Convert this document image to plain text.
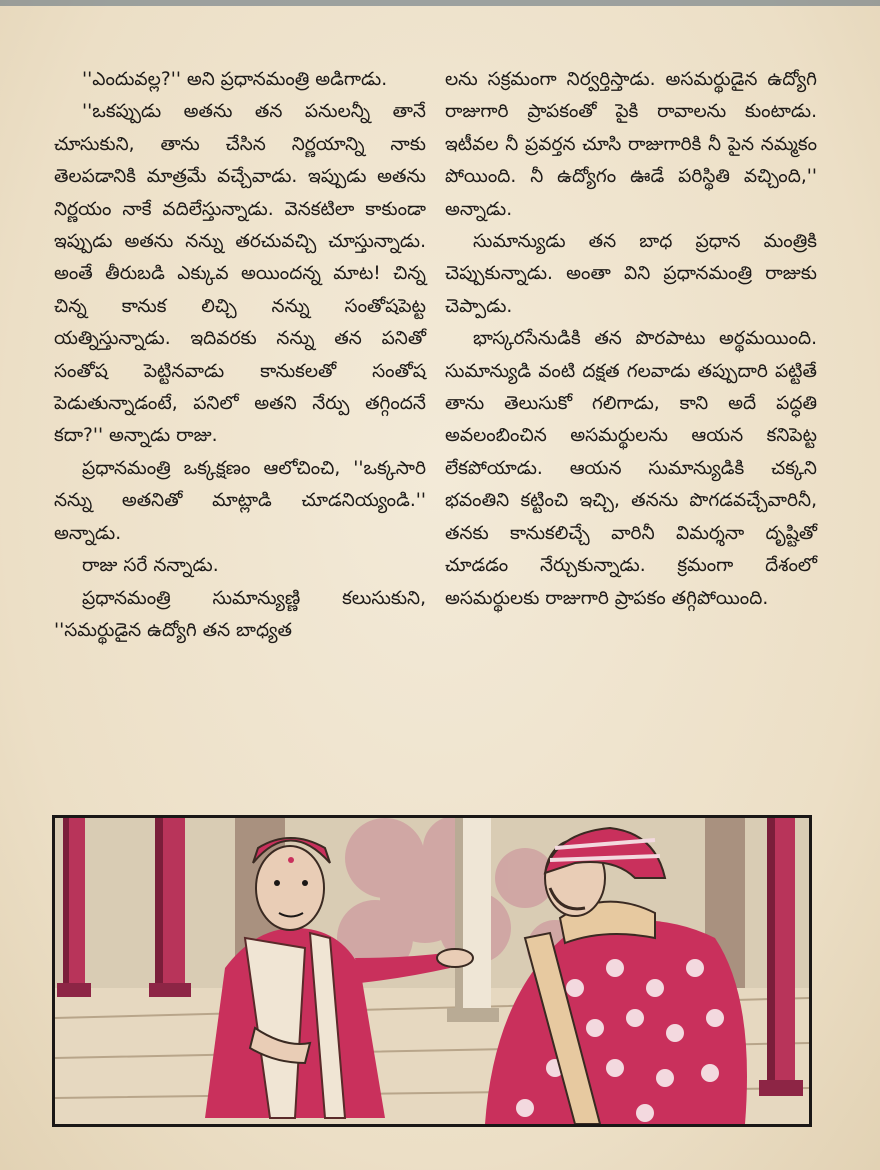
''ఎందువల్ల?'' అని ప్రధానమంత్రి అడిగాడు.

''ఒకప్పుడు అతను తన పనులన్నీ తానే చూసుకుని, తాను చేసిన నిర్ణయాన్ని నాకు తెలపడానికి మాత్రమే వచ్చేవాడు. ఇప్పుడు అతను నిర్ణయం నాకే వదిలేస్తున్నాడు. వెనకటిలా కాకుండా ఇప్పుడు అతను నన్ను తరచువచ్చి చూస్తున్నాడు. అంతే తీరుబడి ఎక్కువ అయిందన్న మాట! చిన్న చిన్న కానుక లిచ్చి నన్ను సంతోషపెట్ట యత్నిస్తున్నాడు. ఇదివరకు నన్ను తన పనితో సంతోష పెట్టినవాడు కానుకలతో సంతోష పెడుతున్నాడంటే, పనిలో అతని నేర్పు తగ్గిందనే కదా?'' అన్నాడు రాజు.

ప్రధానమంత్రి ఒక్కక్షణం ఆలోచించి, ''ఒక్కసారి నన్ను అతనితో మాట్లాడి చూడనియ్యండి.'' అన్నాడు.

రాజు సరే నన్నాడు.

ప్రధానమంత్రి సుమాన్యుణ్ణి కలుసుకుని, ''సమర్థుడైన ఉద్యోగి తన బాధ్యత

లను సక్రమంగా నిర్వర్తిస్తాడు. అసమర్థుడైన ఉద్యోగి రాజుగారి ప్రాపకంతో పైకి రావాలను కుంటాడు. ఇటీవల నీ ప్రవర్తన చూసి రాజుగారికి నీ పైన నమ్మకం పోయింది. నీ ఉద్యోగం ఊడే పరిస్థితి వచ్చింది,'' అన్నాడు.

సుమాన్యుడు తన బాధ ప్రధాన మంత్రికి చెప్పుకున్నాడు. అంతా విని ప్రధానమంత్రి రాజుకు చెప్పాడు.

భాస్కరసేనుడికి తన పొరపాటు అర్థమయింది. సుమాన్యుడి వంటి దక్షత గలవాడు తప్పుదారి పట్టితే తాను తెలుసుకో గలిగాడు, కాని అదే పద్ధతి అవలంబించిన అసమర్థులను ఆయన కనిపెట్ట లేకపోయాడు. ఆయన సుమాన్యుడికి చక్కని భవంతిని కట్టించి ఇచ్చి, తనను పొగడవచ్చేవారినీ, తనకు కానుకలిచ్చే వారినీ విమర్శనా దృష్టితో చూడడం నేర్చుకున్నాడు. క్రమంగా దేశంలో అసమర్థులకు రాజుగారి ప్రాపకం తగ్గిపోయింది.
